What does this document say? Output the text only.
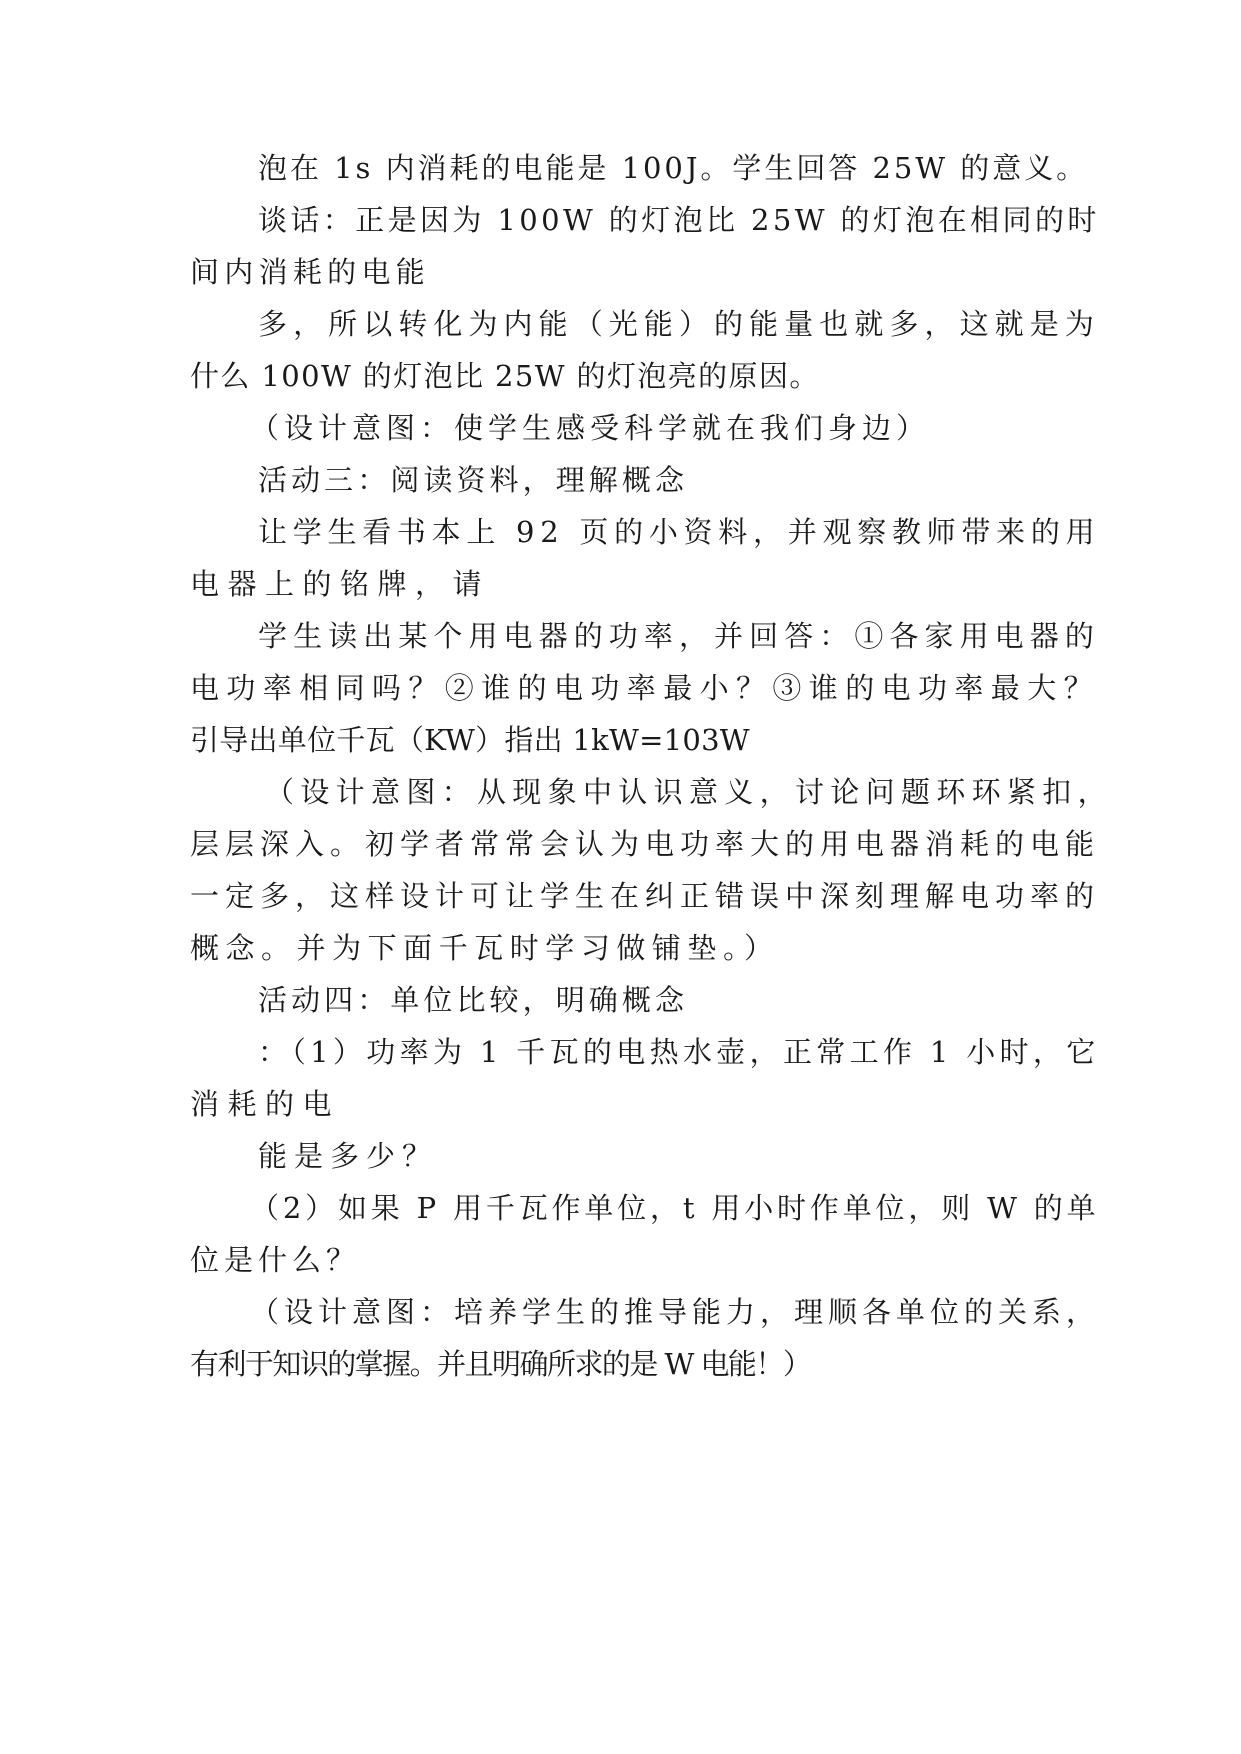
泡在 1s 内消耗的电能是 100J。学生回答 25W 的意义。
谈话：正是因为 100W 的灯泡比 25W 的灯泡在相同的时
间内消耗的电能
多，所以转化为内能（光能）的能量也就多，这就是为
什么 100W 的灯泡比 25W 的灯泡亮的原因。
（设计意图：使学生感受科学就在我们身边）
活动三：阅读资料，理解概念
让学生看书本上 92 页的小资料，并观察教师带来的用
电器上的铭牌，请
学生读出某个用电器的功率，并回答：①各家用电器的
电功率相同吗？②谁的电功率最小？③谁的电功率最大？
引导出单位千瓦（KW）指出 1kW=103W
（设计意图：从现象中认识意义，讨论问题环环紧扣，
层层深入。初学者常常会认为电功率大的用电器消耗的电能
一定多，这样设计可让学生在纠正错误中深刻理解电功率的
概念。并为下面千瓦时学习做铺垫。）
活动四：单位比较，明确概念
：（1）功率为 1 千瓦的电热水壶，正常工作 1 小时，它
消耗的电
能是多少？
（2）如果 P 用千瓦作单位，t 用小时作单位，则 W 的单
位是什么？
（设计意图：培养学生的推导能力，理顺各单位的关系，
有利于知识的掌握。并且明确所求的是 W 电能！）
